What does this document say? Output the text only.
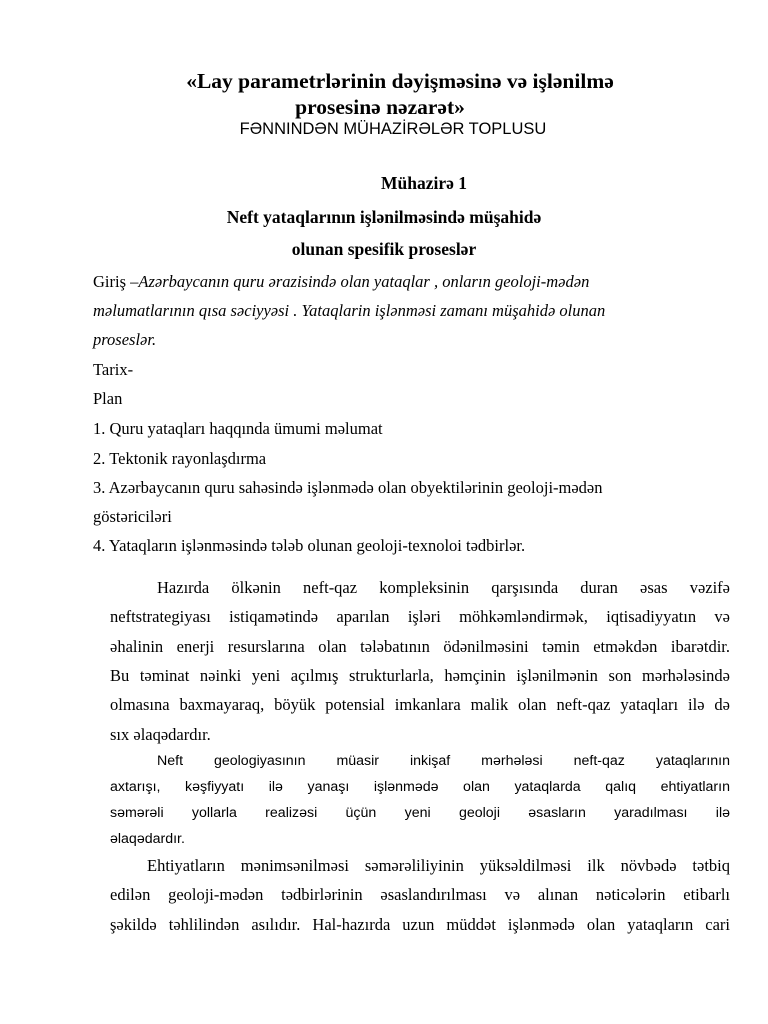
«Lay parametrlərinin dəyişməsinə və işlənilmə
prosesinə nəzarət»
FƏNNINDƏN MÜHAZİRƏLƏR TOPLUSU
Mühazirə 1
Neft yataqlarının işlənilməsində müşahidə
olunan spesifik proseslər
Giriş –Azərbaycanın quru ərazisində olan yataqlar , onların geoloji-mədən
məlumatlarının qısa səciyyəsi . Yataqlarin işlənməsi zamanı müşahidə olunan
proseslər.
Tarix-
Plan
1. Quru yataqları haqqında ümumi məlumat
2. Tektonik rayonlaşdırma
3. Azərbaycanın quru sahəsində işlənmədə olan obyektilərinin geoloji-mədən
göstəriciləri
4. Yataqların işlənməsində tələb olunan geoloji-texnoloi tədbirlər.
Hazırda ölkənin neft-qaz kompleksinin qarşısında duran əsas vəzifə
neftstrategiyası istiqamətində aparılan işləri möhkəmləndirmək, iqtisadiyyatın və
əhalinin enerji resurslarına olan tələbatının ödənilməsini təmin etməkdən ibarətdir.
Bu təminat nəinki yeni açılmış strukturlarla, həmçinin işlənilmənin son mərhələsində
olmasına baxmayaraq, böyük potensial imkanlara malik olan neft-qaz yataqları ilə də
sıx əlaqədardır.
Neft geologiyasının müasir inkişaf mərhələsi neft-qaz yataqlarının
axtarışı, kəşfiyyatı ilə yanaşı işlənmədə olan yataqlarda qalıq ehtiyatların
səmərəli yollarla realizəsi üçün yeni geoloji əsasların yaradılması ilə
əlaqədardır.
Ehtiyatların mənimsənilməsi səmərəliliyinin yüksəldilməsi ilk növbədə tətbiq
edilən geoloji-mədən tədbirlərinin əsaslandırılması və alınan nəticələrin etibarlı
şəkildə təhlilindən asılıdır. Hal-hazırda uzun müddət işlənmədə olan yataqların cari
